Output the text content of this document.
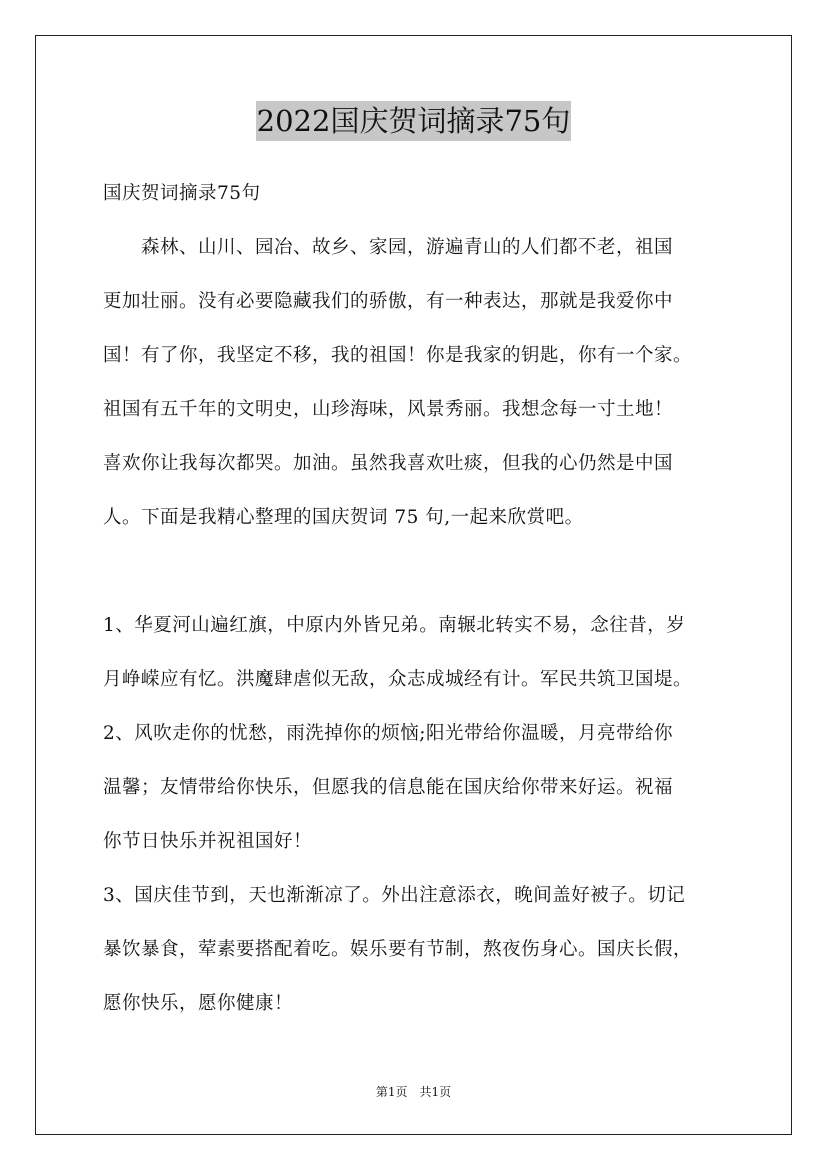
2022国庆贺词摘录75句
国庆贺词摘录75句
　　森林、山川、园冶、故乡、家园，游遍青山的人们都不老，祖国
更加壮丽。没有必要隐藏我们的骄傲，有一种表达，那就是我爱你中
国！有了你，我坚定不移，我的祖国！你是我家的钥匙，你有一个家。
祖国有五千年的文明史，山珍海味，风景秀丽。我想念每一寸土地！
喜欢你让我每次都哭。加油。虽然我喜欢吐痰，但我的心仍然是中国
人。下面是我精心整理的国庆贺词 75 句,一起来欣赏吧。
1、华夏河山遍红旗，中原内外皆兄弟。南辗北转实不易，念往昔，岁
月峥嵘应有忆。洪魔肆虐似无敌，众志成城经有计。军民共筑卫国堤。
2、风吹走你的忧愁，雨洗掉你的烦恼;阳光带给你温暖，月亮带给你
温馨；友情带给你快乐，但愿我的信息能在国庆给你带来好运。祝福
你节日快乐并祝祖国好！
3、国庆佳节到，天也渐渐凉了。外出注意添衣，晚间盖好被子。切记
暴饮暴食，荤素要搭配着吃。娱乐要有节制，熬夜伤身心。国庆长假，
愿你快乐，愿你健康！
第1页　共1页
